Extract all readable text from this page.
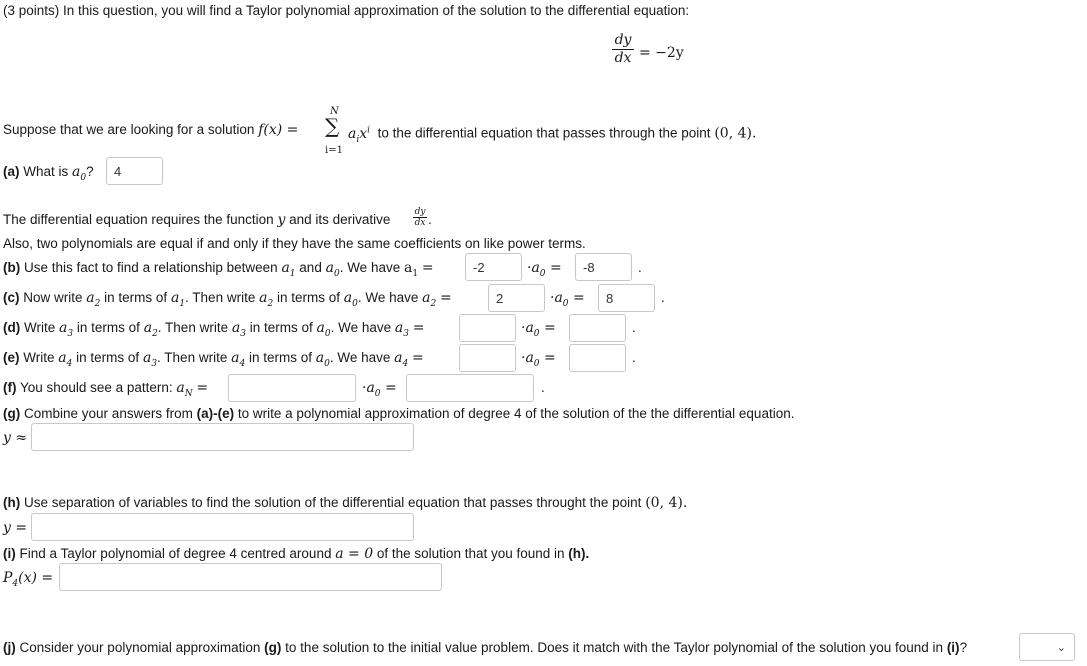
(3 points) In this question, you will find a Taylor polynomial approximation of the solution to the differential equation:
dy
dx = −2y
Suppose that we are looking for a solution f(x) =
N
∑
i=1
$a_ix^i$ to the differential equation that passes through the point (0, 4).
(a) What is $a_0$?
4
The differential equation requires the function y and its derivative	dy
dx .
Also, two polynomials are equal if and only if they have the same coefficients on like power terms.
(b) Use this fact to find a relationship between $a_1$ and $a_0$. We have $a_1$ =
-2	$\cdot a_0$ =
-8	.
(c) Now write $a_2$ in terms of $a_1$. Then write $a_2$ in terms of $a_0$. We have $a_2$ =
2	$\cdot a_0$ =
8	.
(d) Write $a_3$ in terms of $a_2$. Then write $a_3$ in terms of $a_0$. We have $a_3$ =	$\cdot a_0$ =	.
(e) Write $a_4$ in terms of $a_3$. Then write $a_4$ in terms of $a_0$. We have $a_4$ =	$\cdot a_0$ =	.
(f) You should see a pattern: $a_N$ =	$\cdot a_0$ =	.
(g) Combine your answers from (a)-(e) to write a polynomial approximation of degree 4 of the solution of the the differential equation.
y ≈
(h) Use separation of variables to find the solution of the differential equation that passes throught the point (0, 4).
y =
(i) Find a Taylor polynomial of degree 4 centred around a = 0 of the solution that you found in (h).
$P_4(x)$ =
(j) Consider your polynomial approximation (g) to the solution to the initial value problem. Does it match with the Taylor polynomial of the solution you found in (i)?	⌄
